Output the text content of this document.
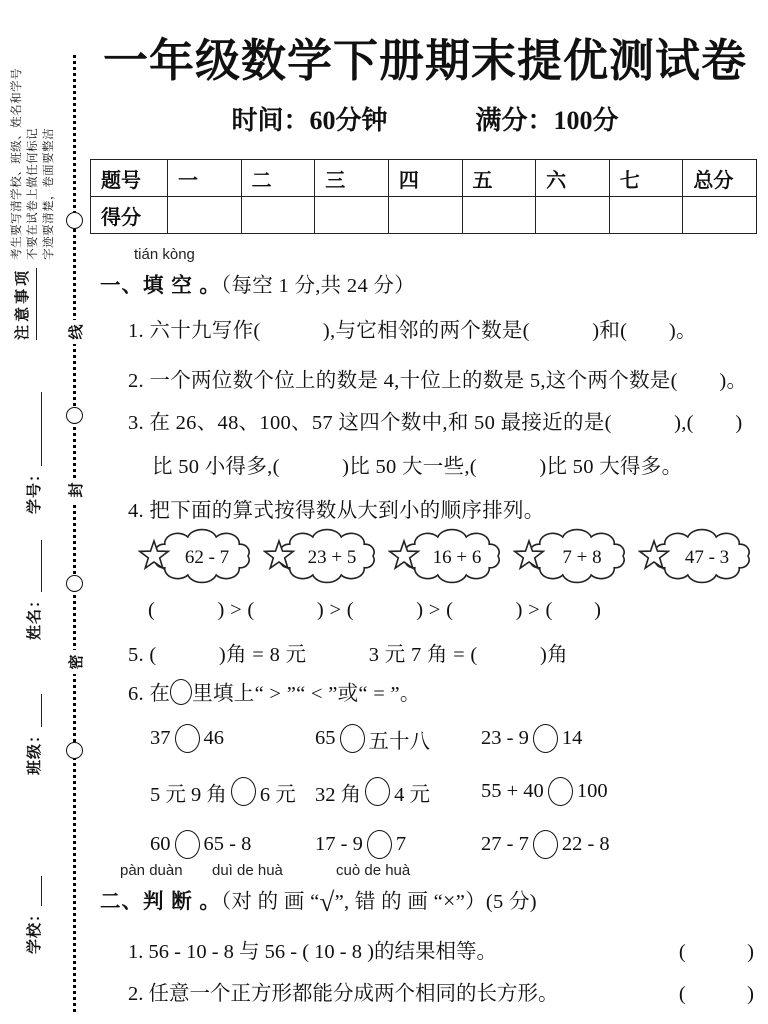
学校：
班级：
姓名：
学号：
注意事项
考生要写清学校、班级、姓名和学号 不要在试卷上做任何标记 字迹要清楚，卷面要整洁
线
封
密
一年级数学下册期末提优测试卷
时间：60分钟	满分：100分
题号	一	二	三	四	五	六	七	总分
得分								
tián kòng
一、填 空 。（每空 1 分,共 24 分）
1. 六十九写作(　　　),与它相邻的两个数是(　　　)和(　　)。
2. 一个两位数个位上的数是 4,十位上的数是 5,这个两个数是(　　)。
3. 在 26、48、100、57 这四个数中,和 50 最接近的是(　　　),(　　)
比 50 小得多,(　　　)比 50 大一些,(　　　)比 50 大得多。
4. 把下面的算式按得数从大到小的顺序排列。
62 - 7	23 + 5	16 + 6	7 + 8	47 - 3
(　　　) > (　　　) > (　　　) > (　　　) > (　　)
5. (　　　)角 = 8 元　　　3 元 7 角 = (　　　)角
6. 在 里填上“ > ”“ < ”或“ = ”。
37 46	65 五十八 23 - 9 14
5 元 9 角 6 元 32 角 4 元 55 + 40 100
60 65 - 8	17 - 9 7	27 - 7 22 - 8
pàn duàn duì de huà	cuò de huà
二、判 断 。（对 的 画 “√”, 错 的 画 “×”）(5 分)
1. 56 - 10 - 8 与 56 - ( 10 - 8 )的结果相等。	(　　　)
2. 任意一个正方形都能分成两个相同的长方形。	(　　　)
